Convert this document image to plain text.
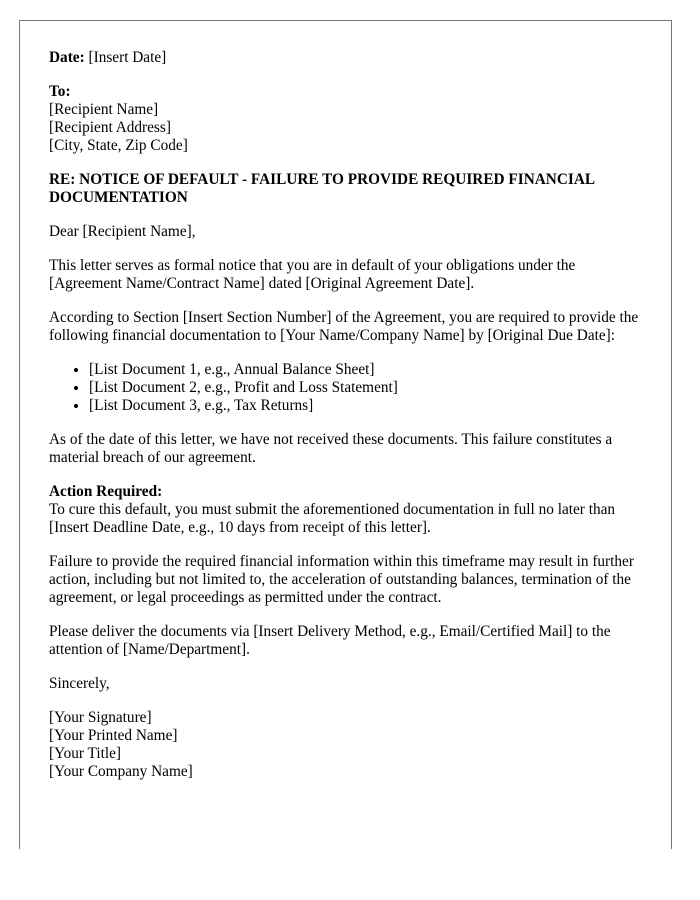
Date: [Insert Date]

To:
[Recipient Name]
[Recipient Address]
[City, State, Zip Code]

RE: NOTICE OF DEFAULT - FAILURE TO PROVIDE REQUIRED FINANCIAL DOCUMENTATION

Dear [Recipient Name],

This letter serves as formal notice that you are in default of your obligations under the [Agreement Name/Contract Name] dated [Original Agreement Date].

According to Section [Insert Section Number] of the Agreement, you are required to provide the following financial documentation to [Your Name/Company Name] by [Original Due Date]:

• [List Document 1, e.g., Annual Balance Sheet]
• [List Document 2, e.g., Profit and Loss Statement]
• [List Document 3, e.g., Tax Returns]

As of the date of this letter, we have not received these documents. This failure constitutes a material breach of our agreement.

Action Required:
To cure this default, you must submit the aforementioned documentation in full no later than [Insert Deadline Date, e.g., 10 days from receipt of this letter].

Failure to provide the required financial information within this timeframe may result in further action, including but not limited to, the acceleration of outstanding balances, termination of the agreement, or legal proceedings as permitted under the contract.

Please deliver the documents via [Insert Delivery Method, e.g., Email/Certified Mail] to the attention of [Name/Department].

Sincerely,

[Your Signature]
[Your Printed Name]
[Your Title]
[Your Company Name]
